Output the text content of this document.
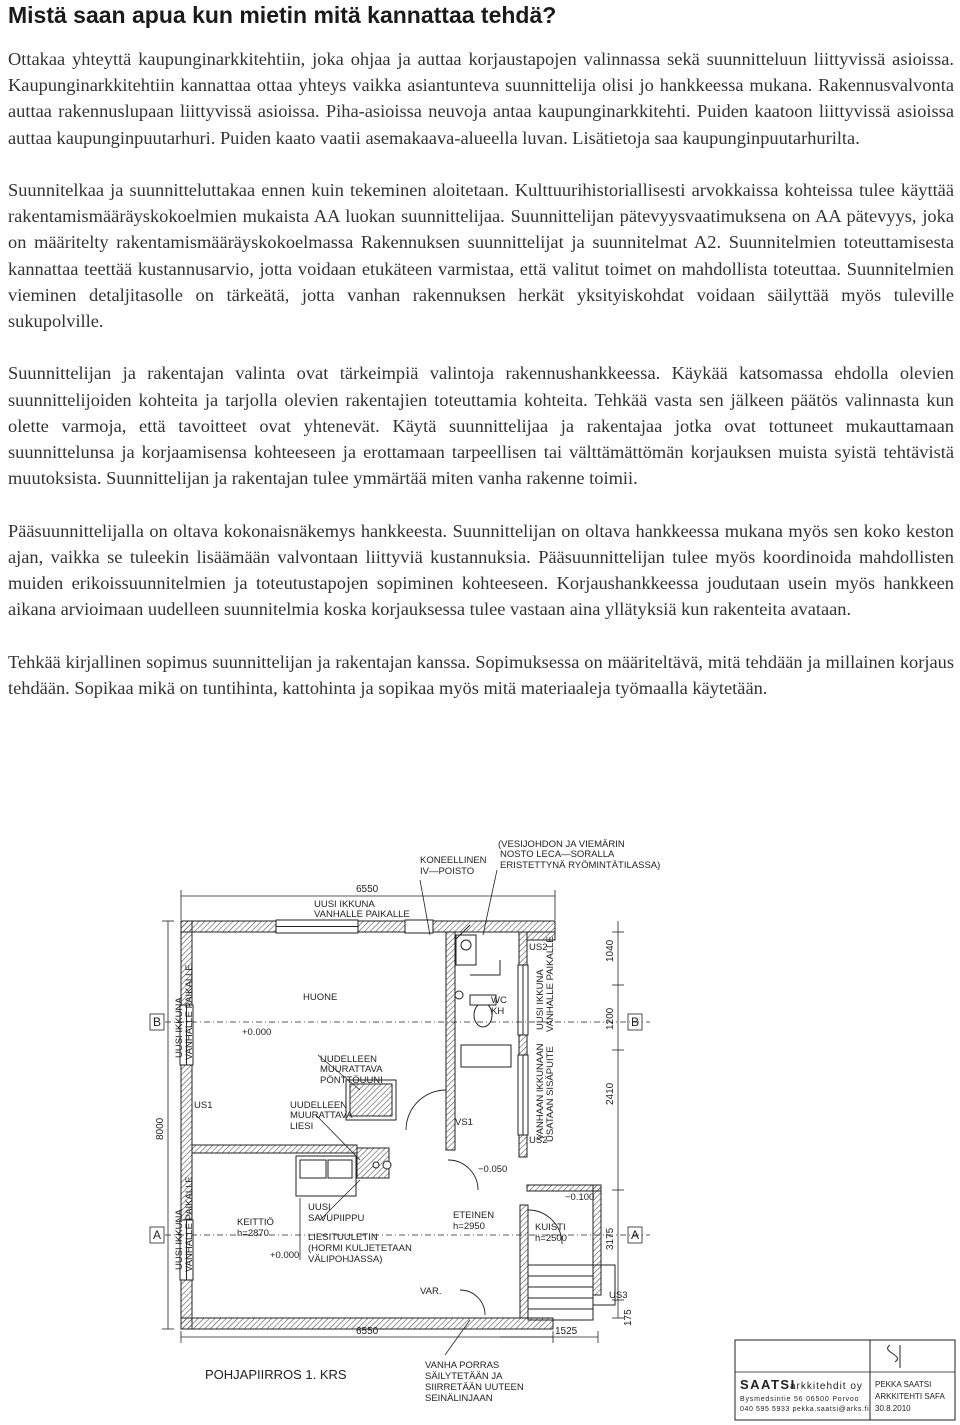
Mistä saan apua kun mietin mitä kannattaa tehdä?

Ottakaa yhteyttä kaupunginarkkitehtiin, joka ohjaa ja auttaa korjaustapojen valinnassa sekä suunnitteluun liittyvissä asioissa. Kaupunginarkkitehtiin kannattaa ottaa yhteys vaikka asiantunteva suunnittelija olisi jo hankkeessa mukana. Rakennusvalvonta auttaa rakennuslupaan liittyvissä asioissa. Piha-asioissa neuvoja antaa kaupunginarkkitehti. Puiden kaatoon liittyvissä asioissa auttaa kaupunginpuutarhuri. Puiden kaato vaatii asemakaava-alueella luvan. Lisätietoja saa kaupunginpuutarhurilta.

Suunnitelkaa ja suunnitteluttakaa ennen kuin tekeminen aloitetaan. Kulttuurihistoriallisesti arvokkaissa kohteissa tulee käyttää rakentamismääräyskokoelmien mukaista AA luokan suunnittelijaa. Suunnittelijan pätevyysvaatimuksena on AA pätevyys, joka on määritelty rakentamismääräyskokoelmassa Rakennuksen suunnittelijat ja suunnitelmat A2. Suunnitelmien toteuttamisesta kannattaa teettää kustannusarvio, jotta voidaan etukäteen varmistaa, että valitut toimet on mahdollista toteuttaa. Suunnitelmien vieminen detaljitasolle on tärkeätä, jotta vanhan rakennuksen herkät yksityiskohdat voidaan säilyttää myös tuleville sukupolville.

Suunnittelijan ja rakentajan valinta ovat tärkeimpiä valintoja rakennushankkeessa. Käykää katsomassa ehdolla olevien suunnittelijoiden kohteita ja tarjolla olevien rakentajien toteuttamia kohteita. Tehkää vasta sen jälkeen päätös valinnasta kun olette varmoja, että tavoitteet ovat yhtenevät. Käytä suunnittelijaa ja rakentajaa jotka ovat tottuneet mukauttamaan suunnittelunsa ja korjaamisensa kohteeseen ja erottamaan tarpeellisen tai välttämättömän korjauksen muista syistä tehtävistä muutoksista. Suunnittelijan ja rakentajan tulee ymmärtää miten vanha rakenne toimii.

Pääsuunnittelijalla on oltava kokonaisnäkemys hankkeesta. Suunnittelijan on oltava hankkeessa mukana myös sen koko keston ajan, vaikka se tuleekin lisäämään valvontaan liittyviä kustannuksia. Pääsuunnittelijan tulee myös koordinoida mahdollisten muiden erikoissuunnitelmien ja toteutustapojen sopiminen kohteeseen. Korjaushankkeessa joudutaan usein myös hankkeen aikana arvioimaan uudelleen suunnitelmia koska korjauksessa tulee vastaan aina yllätyksiä kun rakenteita avataan.

Tehkää kirjallinen sopimus suunnittelijan ja rakentajan kanssa. Sopimuksessa on määriteltävä, mitä tehdään ja millainen korjaus tehdään. Sopikaa mikä on tuntihinta, kattohinta ja sopikaa myös mitä materiaaleja työmaalla käytetään.

(VESIJOHDON JA VIEMÄRIN
NOSTO LECA—SORALLA
ERISTETTYNÄ RYÖMINTÄTILASSA)
KONEELLINEN
IV—POISTO
6550
UUSI IKKUNA
VANHALLE PAIKALLE
UUSI IKKUNA VANHALLE PAIKALLE
UUSI IKKUNA VANHALLE PAIKALLE
UUSI IKKUNA VANHALLE PAIKALLE
VANHAAN IKKUNAAN USATAAN SISÄPUITE
8000
1040
1200
2410
3175
175
B	B
A	A
HUONE
+0.000
US1
UUDELLEEN
MUURATTAVA
PÖNTTÖUUNI
UUDELLEEN
MUURATTAVA
LIESI	VS1
US2
US2
US3
WC
KH
−0.050
−0.100
UUSI
SAVUPIIPPU
LIESITUULETIN
(HORMI KULJETETAAN
VÄLIPOHJASSA)
KEITTIÖ
h=2870
+0.000
ETEINEN
h=2950	KUISTI
h=2500
VAR.
6550	1525
POHJAPIIRROS 1. KRS
VANHA PORRAS
SÄILYTETÄÄN JA
SIIRRETÄÄN UUTEEN
SEINÄLINJAAN
SAATSI
arkkitehdit oy
Bysmedsintie 56 06500 Porvoo
040 595 5933 pekka.saatsi@arks.fi
PEKKA SAATSI
ARKKITEHTI SAFA
30.8.2010
